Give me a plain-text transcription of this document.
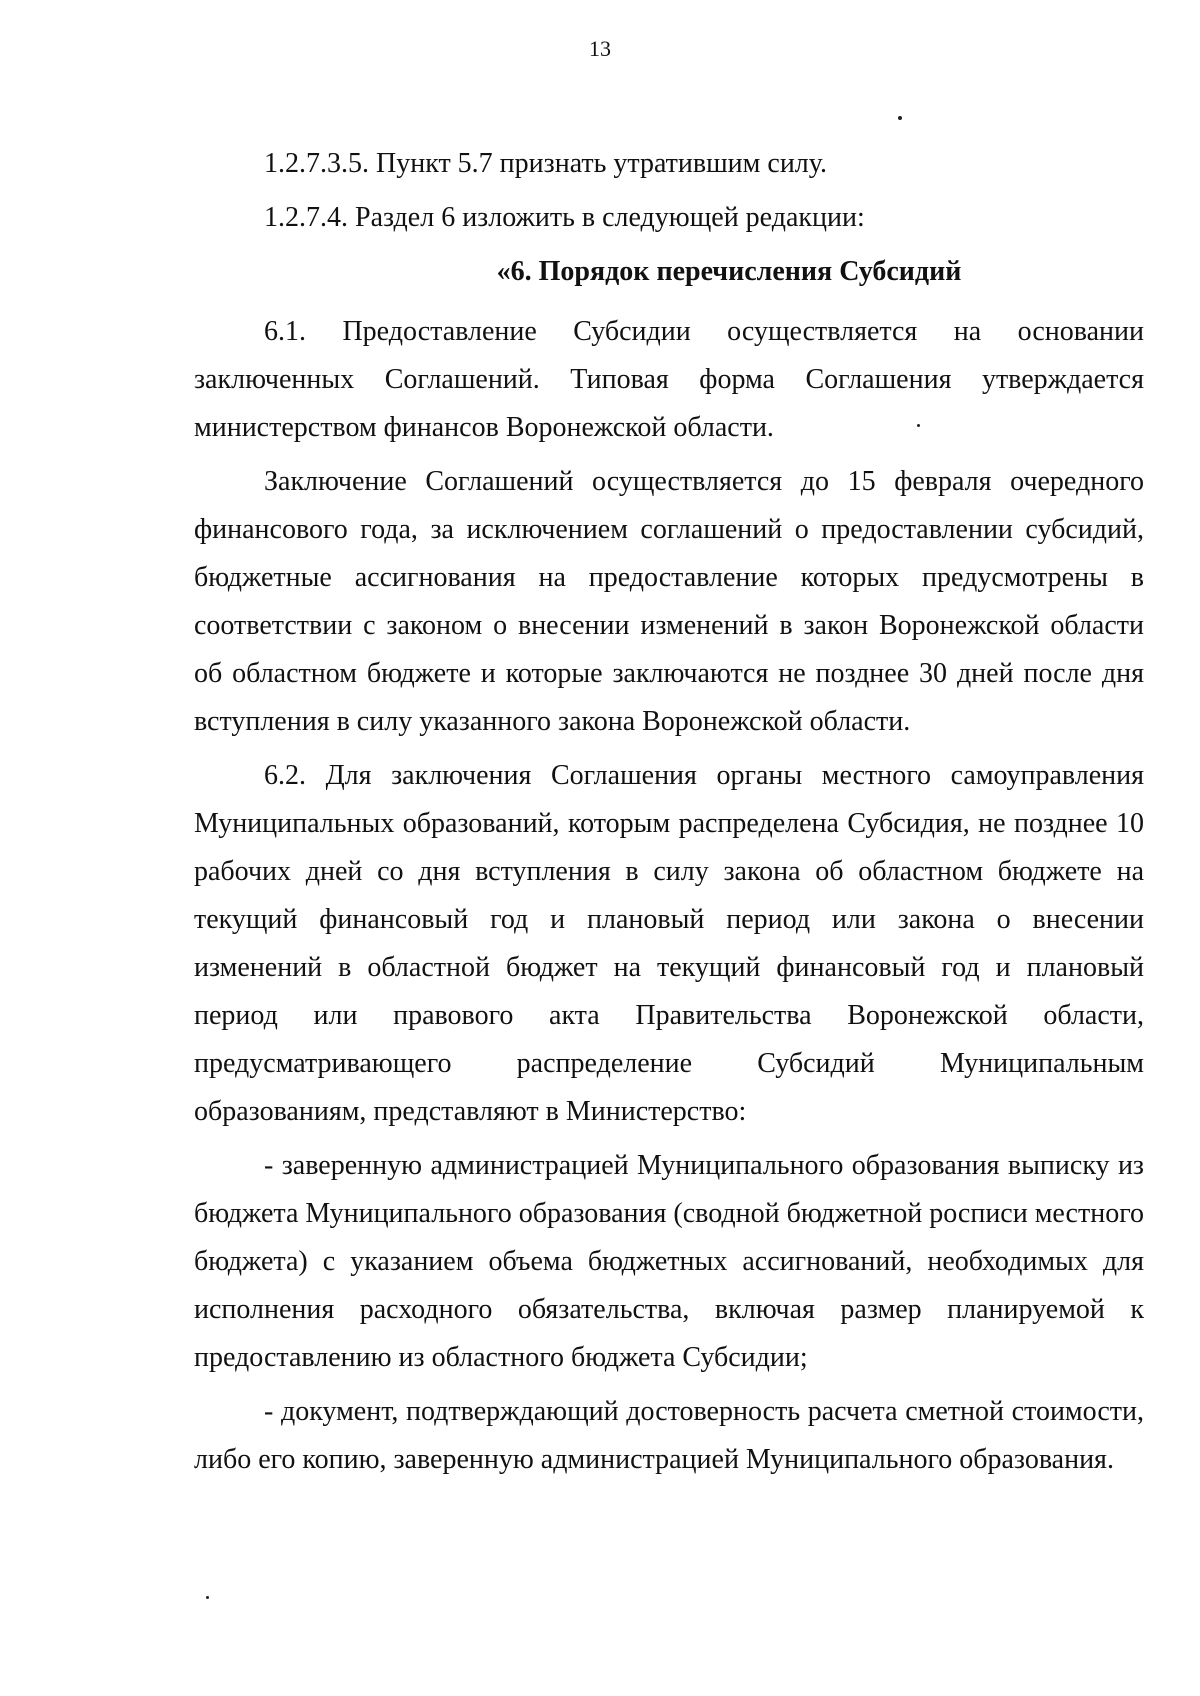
13

1.2.7.3.5. Пункт 5.7 признать утратившим силу.

1.2.7.4. Раздел 6 изложить в следующей редакции:

«6. Порядок перечисления Субсидий

6.1. Предоставление Субсидии осуществляется на основании заключенных Соглашений. Типовая форма Соглашения утверждается министерством финансов Воронежской области.

Заключение Соглашений осуществляется до 15 февраля очередного финансового года, за исключением соглашений о предоставлении субсидий, бюджетные ассигнования на предоставление которых предусмотрены в соответствии с законом о внесении изменений в закон Воронежской области об областном бюджете и которые заключаются не позднее 30 дней после дня вступления в силу указанного закона Воронежской области.

6.2. Для заключения Соглашения органы местного самоуправления Муниципальных образований, которым распределена Субсидия, не позднее 10 рабочих дней со дня вступления в силу закона об областном бюджете на текущий финансовый год и плановый период или закона о внесении изменений в областной бюджет на текущий финансовый год и плановый период или правового акта Правительства Воронежской области, предусматривающего распределение Субсидий Муниципальным образованиям, представляют в Министерство:

- заверенную администрацией Муниципального образования выписку из бюджета Муниципального образования (сводной бюджетной росписи местного бюджета) с указанием объема бюджетных ассигнований, необходимых для исполнения расходного обязательства, включая размер планируемой к предоставлению из областного бюджета Субсидии;

- документ, подтверждающий достоверность расчета сметной стоимости, либо его копию, заверенную администрацией Муниципального образования.
